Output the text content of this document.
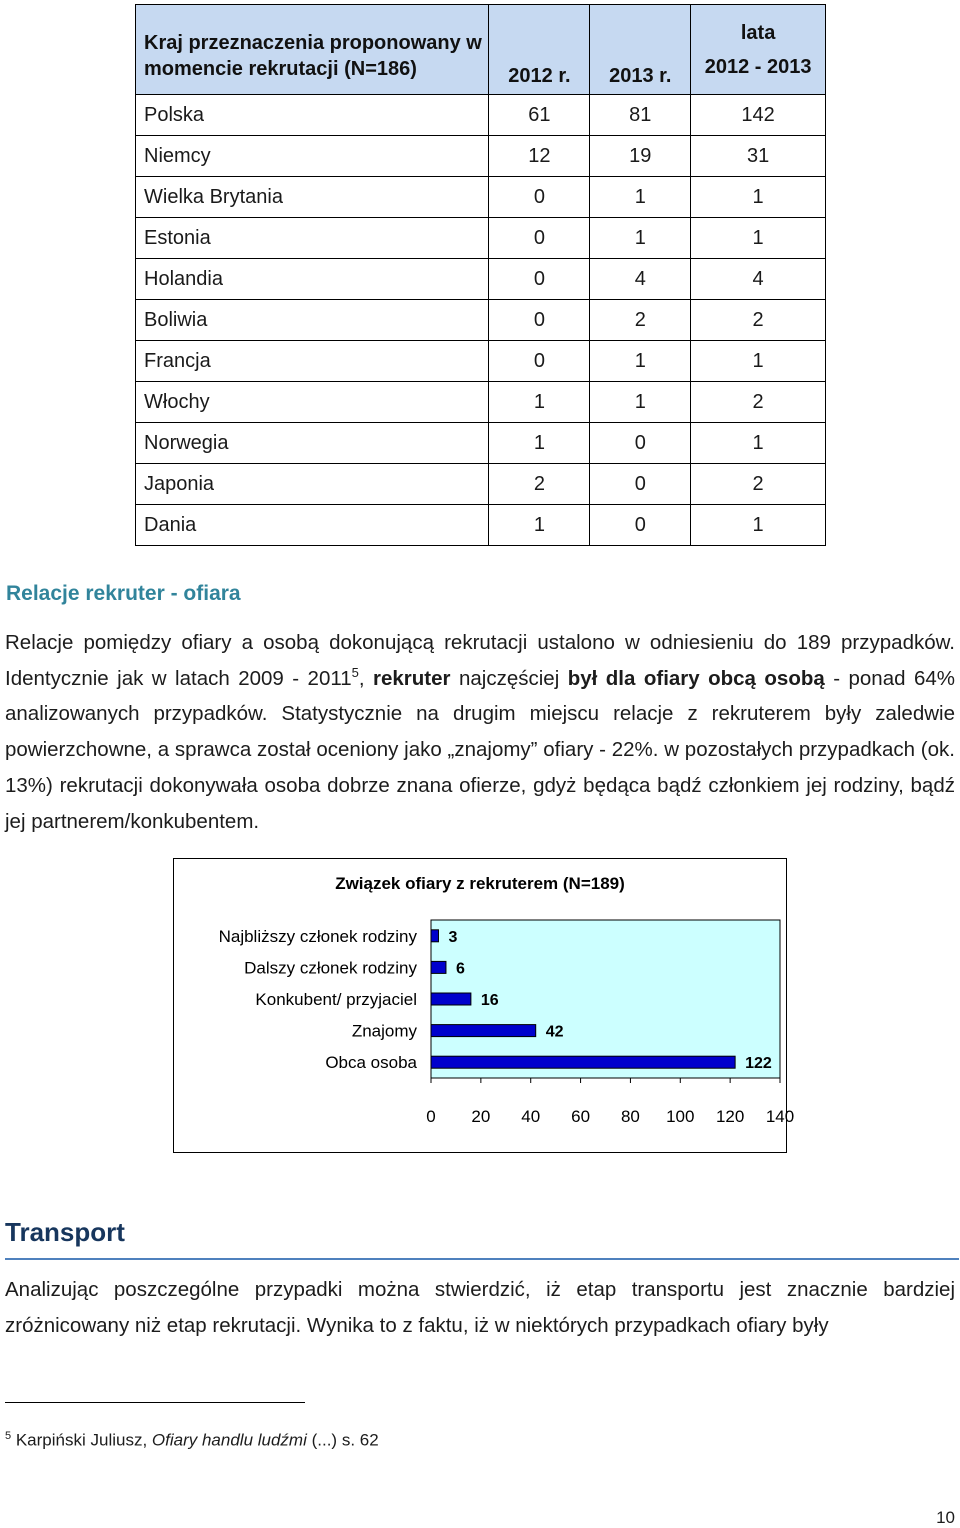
Kraj przeznaczenia proponowany w momencie rekrutacji (N=186)	2012 r.	2013 r.	lata
2012 - 2013

Polska	61	81	142
Niemcy	12	19	31
Wielka Brytania	0	1	1
Estonia	0	1	1
Holandia	0	4	4
Boliwia	0	2	2
Francja	0	1	1
Włochy	1	1	2
Norwegia	1	0	1
Japonia	2	0	2
Dania	1	0	1
Relacje rekruter - ofiara

Relacje pomiędzy ofiary a osobą dokonującą rekrutacji ustalono w odniesieniu do 189 przypadków. Identycznie jak w latach 2009 - 2011$^5$, rekruter najczęściej był dla ofiary obcą osobą - ponad 64% analizowanych przypadków. Statystycznie na drugim miejscu relacje z rekruterem były zaledwie powierzchowne, a sprawca został oceniony jako „znajomy” ofiary - 22%. w pozostałych przypadkach (ok. 13%) rekrutacji dokonywała osoba dobrze znana ofierze, gdyż będąca bądź członkiem jej rodziny, bądź jej partnerem/konkubentem.

Związek ofiary z rekruterem (N=189)
Najbliższy członek rodziny 3
Dalszy członek rodziny 6
Konkubent/ przyjaciel	16
Znajomy	42
Obca osoba	122
0 20 40 60 80 100 120 140
Transport

Analizując poszczególne przypadki można stwierdzić, iż etap transportu jest znacznie bardziej zróżnicowany niż etap rekrutacji. Wynika to z faktu, iż w niektórych przypadkach ofiary były

$^5$ Karpiński Juliusz, Ofiary handlu ludźmi (...) s. 62

10
